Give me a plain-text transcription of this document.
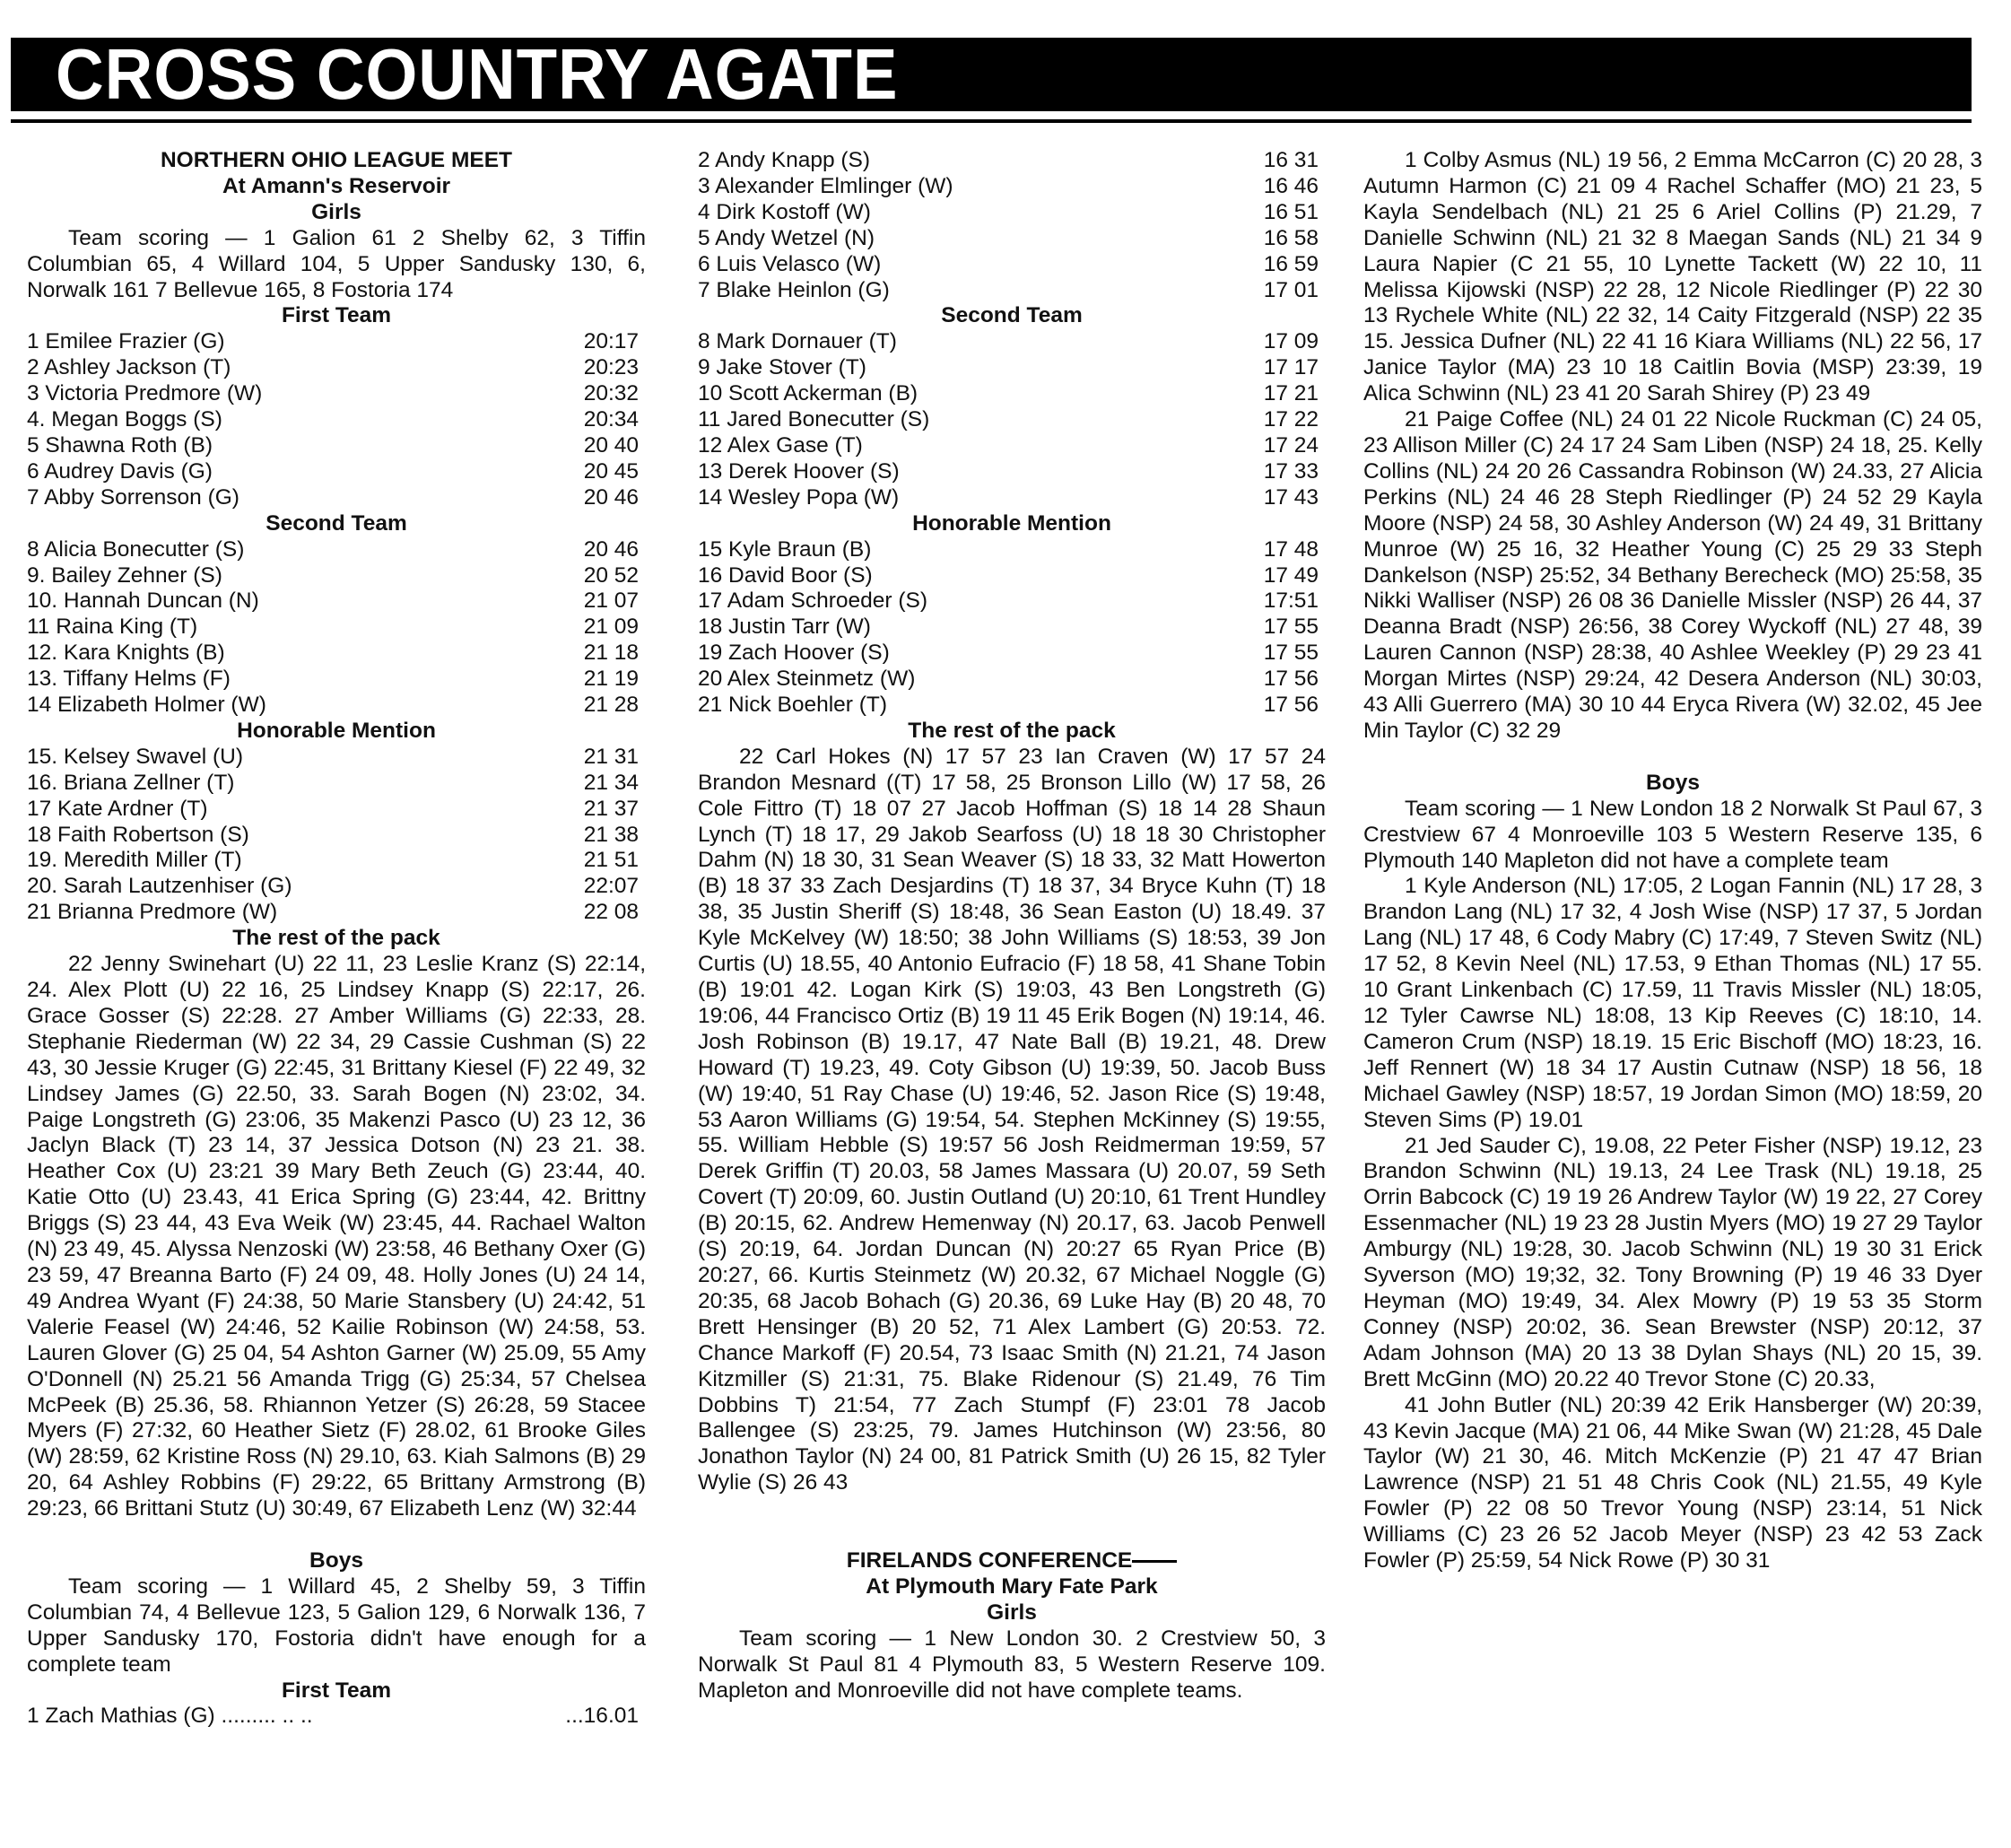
CROSS COUNTRY AGATE
NORTHERN OHIO LEAGUE MEET
At Amann's Reservoir
Girls
Team scoring — 1 Galion 61 2 Shelby 62, 3 Tiffin Columbian 65, 4 Willard 104, 5 Upper Sandusky 130, 6, Norwalk 161 7 Bellevue 165, 8 Fostoria 174
First Team
1 Emilee Frazier (G)	20:17
2 Ashley Jackson (T)	20:23
3 Victoria Predmore (W)	20:32
4. Megan Boggs (S)	20:34
5 Shawna Roth (B)	20 40
6 Audrey Davis (G)	20 45
7 Abby Sorrenson (G)	20 46
Second Team
8 Alicia Bonecutter (S)	20 46
9. Bailey Zehner (S)	20 52
10. Hannah Duncan (N)	21 07
11 Raina King (T)	21 09
12. Kara Knights (B)	21 18
13. Tiffany Helms (F)	21 19
14 Elizabeth Holmer (W)	21 28
Honorable Mention
15. Kelsey Swavel (U)	21 31
16. Briana Zellner (T)	21 34
17 Kate Ardner (T)	21 37
18 Faith Robertson (S)	21 38
19. Meredith Miller (T)	21 51
20. Sarah Lautzenhiser (G)	22:07
21 Brianna Predmore (W)	22 08
The rest of the pack
22 Jenny Swinehart (U) 22 11, 23 Leslie Kranz (S) 22:14, 24. Alex Plott (U) 22 16, 25 Lindsey Knapp (S) 22:17, 26. Grace Gosser (S) 22:28. 27 Amber Williams (G) 22:33, 28. Stephanie Riederman (W) 22 34, 29 Cassie Cushman (S) 22 43, 30 Jessie Kruger (G) 22:45, 31 Brittany Kiesel (F) 22 49, 32 Lindsey James (G) 22.50, 33. Sarah Bogen (N) 23:02, 34. Paige Longstreth (G) 23:06, 35 Makenzi Pasco (U) 23 12, 36 Jaclyn Black (T) 23 14, 37 Jessica Dotson (N) 23 21. 38. Heather Cox (U) 23:21 39 Mary Beth Zeuch (G) 23:44, 40. Katie Otto (U) 23.43, 41 Erica Spring (G) 23:44, 42. Brittny Briggs (S) 23 44, 43 Eva Weik (W) 23:45, 44. Rachael Walton (N) 23 49, 45. Alyssa Nenzoski (W) 23:58, 46 Bethany Oxer (G) 23 59, 47 Breanna Barto (F) 24 09, 48. Holly Jones (U) 24 14, 49 Andrea Wyant (F) 24:38, 50 Marie Stansbery (U) 24:42, 51 Valerie Feasel (W) 24:46, 52 Kailie Robinson (W) 24:58, 53. Lauren Glover (G) 25 04, 54 Ashton Garner (W) 25.09, 55 Amy O'Donnell (N) 25.21 56 Amanda Trigg (G) 25:34, 57 Chelsea McPeek (B) 25.36, 58. Rhiannon Yetzer (S) 26:28, 59 Stacee Myers (F) 27:32, 60 Heather Sietz (F) 28.02, 61 Brooke Giles (W) 28:59, 62 Kristine Ross (N) 29.10, 63. Kiah Salmons (B) 29 20, 64 Ashley Robbins (F) 29:22, 65 Brittany Armstrong (B) 29:23, 66 Brittani Stutz (U) 30:49, 67 Elizabeth Lenz (W) 32:44
Boys
Team scoring — 1 Willard 45, 2 Shelby 59, 3 Tiffin Columbian 74, 4 Bellevue 123, 5 Galion 129, 6 Norwalk 136, 7 Upper Sandusky 170, Fostoria didn't have enough for a complete team
First Team
1 Zach Mathias (G) ......... .. ..	...16.01
2 Andy Knapp (S)	16 31
3 Alexander Elmlinger (W)	16 46
4 Dirk Kostoff (W)	16 51
5 Andy Wetzel (N)	16 58
6 Luis Velasco (W)	16 59
7 Blake Heinlon (G)	17 01
Second Team
8 Mark Dornauer (T)	17 09
9 Jake Stover (T)	17 17
10 Scott Ackerman (B)	17 21
11 Jared Bonecutter (S)	17 22
12 Alex Gase (T)	17 24
13 Derek Hoover (S)	17 33
14 Wesley Popa (W)	17 43
Honorable Mention
15 Kyle Braun (B)	17 48
16 David Boor (S)	17 49
17 Adam Schroeder (S)	17:51
18 Justin Tarr (W)	17 55
19 Zach Hoover (S)	17 55
20 Alex Steinmetz (W)	17 56
21 Nick Boehler (T)	17 56
The rest of the pack
22 Carl Hokes (N) 17 57 23 Ian Craven (W) 17 57 24 Brandon Mesnard ((T) 17 58, 25 Bronson Lillo (W) 17 58, 26 Cole Fittro (T) 18 07 27 Jacob Hoffman (S) 18 14 28 Shaun Lynch (T) 18 17, 29 Jakob Searfoss (U) 18 18 30 Christopher Dahm (N) 18 30, 31 Sean Weaver (S) 18 33, 32 Matt Howerton (B) 18 37 33 Zach Desjardins (T) 18 37, 34 Bryce Kuhn (T) 18 38, 35 Justin Sheriff (S) 18:48, 36 Sean Easton (U) 18.49. 37 Kyle McKelvey (W) 18:50; 38 John Williams (S) 18:53, 39 Jon Curtis (U) 18.55, 40 Antonio Eufracio (F) 18 58, 41 Shane Tobin (B) 19:01 42. Logan Kirk (S) 19:03, 43 Ben Longstreth (G) 19:06, 44 Francisco Ortiz (B) 19 11 45 Erik Bogen (N) 19:14, 46. Josh Robinson (B) 19.17, 47 Nate Ball (B) 19.21, 48. Drew Howard (T) 19.23, 49. Coty Gibson (U) 19:39, 50. Jacob Buss (W) 19:40, 51 Ray Chase (U) 19:46, 52. Jason Rice (S) 19:48, 53 Aaron Williams (G) 19:54, 54. Stephen McKinney (S) 19:55, 55. William Hebble (S) 19:57 56 Josh Reidmerman 19:59, 57 Derek Griffin (T) 20.03, 58 James Massara (U) 20.07, 59 Seth Covert (T) 20:09, 60. Justin Outland (U) 20:10, 61 Trent Hundley (B) 20:15, 62. Andrew Hemenway (N) 20.17, 63. Jacob Penwell (S) 20:19, 64. Jordan Duncan (N) 20:27 65 Ryan Price (B) 20:27, 66. Kurtis Steinmetz (W) 20.32, 67 Michael Noggle (G) 20:35, 68 Jacob Bohach (G) 20.36, 69 Luke Hay (B) 20 48, 70 Brett Hensinger (B) 20 52, 71 Alex Lambert (G) 20:53. 72. Chance Markoff (F) 20.54, 73 Isaac Smith (N) 21.21, 74 Jason Kitzmiller (S) 21:31, 75. Blake Ridenour (S) 21.49, 76 Tim Dobbins T) 21:54, 77 Zach Stumpf (F) 23:01 78 Jacob Ballengee (S) 23:25, 79. James Hutchinson (W) 23:56, 80 Jonathon Taylor (N) 24 00, 81 Patrick Smith (U) 26 15, 82 Tyler Wylie (S) 26 43
FIRELANDS CONFERENCE
At Plymouth Mary Fate Park
Girls
Team scoring — 1 New London 30. 2 Crestview 50, 3 Norwalk St Paul 81 4 Plymouth 83, 5 Western Reserve 109. Mapleton and Monroeville did not have complete teams.
1 Colby Asmus (NL) 19 56, 2 Emma McCarron (C) 20 28, 3 Autumn Harmon (C) 21 09 4 Rachel Schaffer (MO) 21 23, 5 Kayla Sendelbach (NL) 21 25 6 Ariel Collins (P) 21.29, 7 Danielle Schwinn (NL) 21 32 8 Maegan Sands (NL) 21 34 9 Laura Napier (C 21 55, 10 Lynette Tackett (W) 22 10, 11 Melissa Kijowski (NSP) 22 28, 12 Nicole Riedlinger (P) 22 30 13 Rychele White (NL) 22 32, 14 Caity Fitzgerald (NSP) 22 35 15. Jessica Dufner (NL) 22 41 16 Kiara Williams (NL) 22 56, 17 Janice Taylor (MA) 23 10 18 Caitlin Bovia (MSP) 23:39, 19 Alica Schwinn (NL) 23 41 20 Sarah Shirey (P) 23 49
21 Paige Coffee (NL) 24 01 22 Nicole Ruckman (C) 24 05, 23 Allison Miller (C) 24 17 24 Sam Liben (NSP) 24 18, 25. Kelly Collins (NL) 24 20 26 Cassandra Robinson (W) 24.33, 27 Alicia Perkins (NL) 24 46 28 Steph Riedlinger (P) 24 52 29 Kayla Moore (NSP) 24 58, 30 Ashley Anderson (W) 24 49, 31 Brittany Munroe (W) 25 16, 32 Heather Young (C) 25 29 33 Steph Dankelson (NSP) 25:52, 34 Bethany Berecheck (MO) 25:58, 35 Nikki Walliser (NSP) 26 08 36 Danielle Missler (NSP) 26 44, 37 Deanna Bradt (NSP) 26:56, 38 Corey Wyckoff (NL) 27 48, 39 Lauren Cannon (NSP) 28:38, 40 Ashlee Weekley (P) 29 23 41 Morgan Mirtes (NSP) 29:24, 42 Desera Anderson (NL) 30:03, 43 Alli Guerrero (MA) 30 10 44 Eryca Rivera (W) 32.02, 45 Jee Min Taylor (C) 32 29
Boys
Team scoring — 1 New London 18 2 Norwalk St Paul 67, 3 Crestview 67 4 Monroeville 103 5 Western Reserve 135, 6 Plymouth 140 Mapleton did not have a complete team
1 Kyle Anderson (NL) 17:05, 2 Logan Fannin (NL) 17 28, 3 Brandon Lang (NL) 17 32, 4 Josh Wise (NSP) 17 37, 5 Jordan Lang (NL) 17 48, 6 Cody Mabry (C) 17:49, 7 Steven Switz (NL) 17 52, 8 Kevin Neel (NL) 17.53, 9 Ethan Thomas (NL) 17 55. 10 Grant Linkenbach (C) 17.59, 11 Travis Missler (NL) 18:05, 12 Tyler Cawrse NL) 18:08, 13 Kip Reeves (C) 18:10, 14. Cameron Crum (NSP) 18.19. 15 Eric Bischoff (MO) 18:23, 16. Jeff Rennert (W) 18 34 17 Austin Cutnaw (NSP) 18 56, 18 Michael Gawley (NSP) 18:57, 19 Jordan Simon (MO) 18:59, 20 Steven Sims (P) 19.01
21 Jed Sauder C), 19.08, 22 Peter Fisher (NSP) 19.12, 23 Brandon Schwinn (NL) 19.13, 24 Lee Trask (NL) 19.18, 25 Orrin Babcock (C) 19 19 26 Andrew Taylor (W) 19 22, 27 Corey Essenmacher (NL) 19 23 28 Justin Myers (MO) 19 27 29 Taylor Amburgy (NL) 19:28, 30. Jacob Schwinn (NL) 19 30 31 Erick Syverson (MO) 19;32, 32. Tony Browning (P) 19 46 33 Dyer Heyman (MO) 19:49, 34. Alex Mowry (P) 19 53 35 Storm Conney (NSP) 20:02, 36. Sean Brewster (NSP) 20:12, 37 Adam Johnson (MA) 20 13 38 Dylan Shays (NL) 20 15, 39. Brett McGinn (MO) 20.22 40 Trevor Stone (C) 20.33,
41 John Butler (NL) 20:39 42 Erik Hansberger (W) 20:39, 43 Kevin Jacque (MA) 21 06, 44 Mike Swan (W) 21:28, 45 Dale Taylor (W) 21 30, 46. Mitch McKenzie (P) 21 47 47 Brian Lawrence (NSP) 21 51 48 Chris Cook (NL) 21.55, 49 Kyle Fowler (P) 22 08 50 Trevor Young (NSP) 23:14, 51 Nick Williams (C) 23 26 52 Jacob Meyer (NSP) 23 42 53 Zack Fowler (P) 25:59, 54 Nick Rowe (P) 30 31
